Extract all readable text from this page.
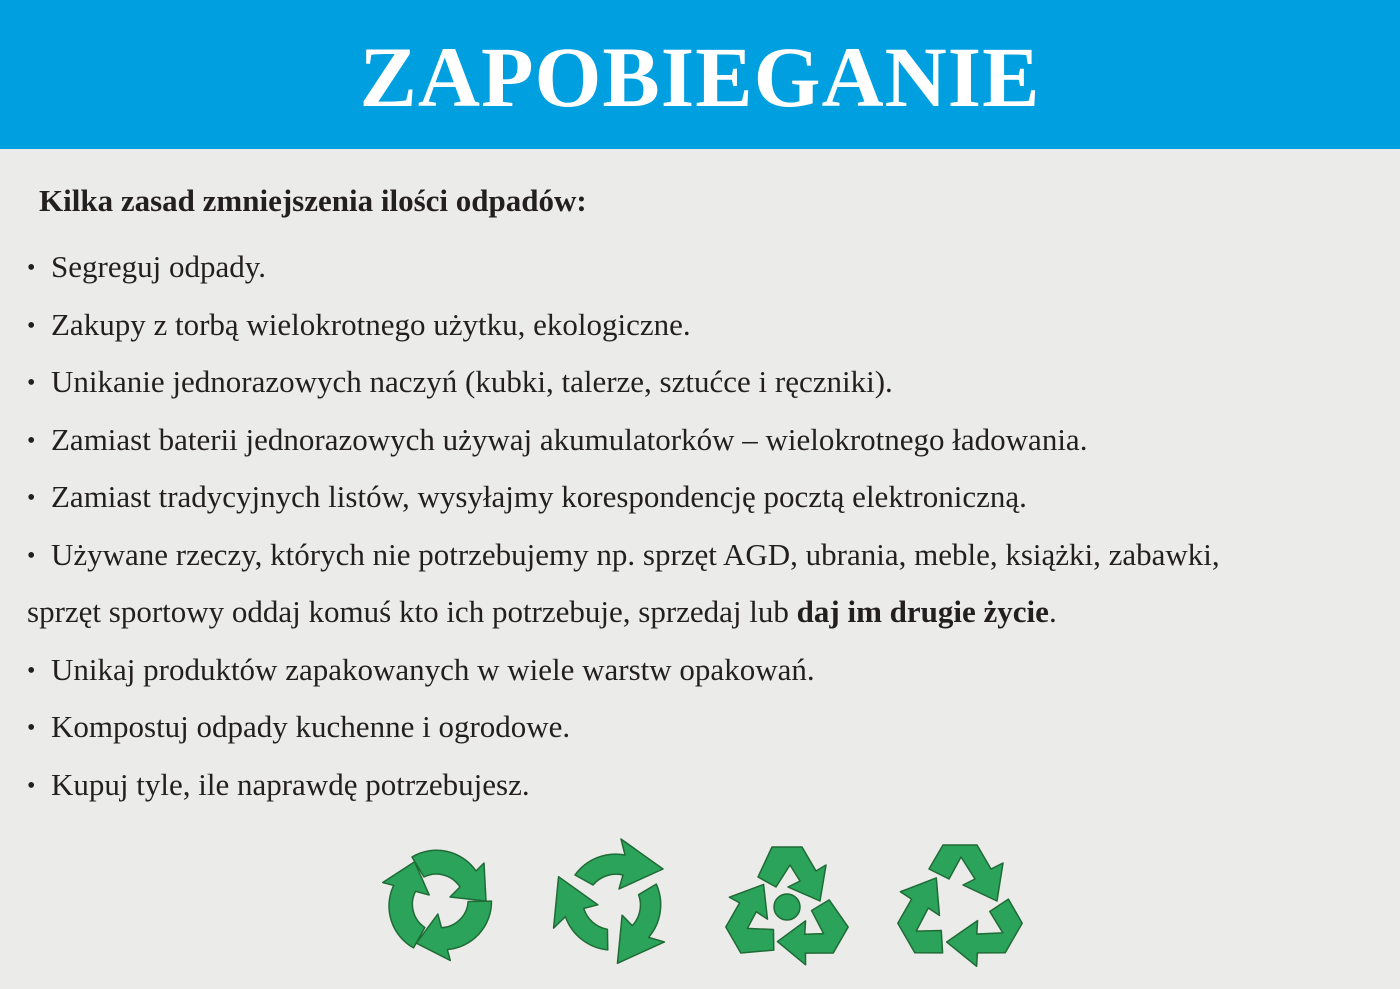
ZAPOBIEGANIE
Kilka zasad zmniejszenia ilości odpadów:
• Segreguj odpady.
• Zakupy z torbą wielokrotnego użytku, ekologiczne.
• Unikanie jednorazowych naczyń (kubki, talerze, sztućce i ręczniki).
• Zamiast baterii jednorazowych używaj akumulatorków – wielokrotnego ładowania.
• Zamiast tradycyjnych listów, wysyłajmy korespondencję pocztą elektroniczną.
• Używane rzeczy, których nie potrzebujemy np. sprzęt AGD, ubrania, meble, książki, zabawki,
sprzęt sportowy oddaj komuś kto ich potrzebuje, sprzedaj lub daj im drugie życie.
• Unikaj produktów zapakowanych w wiele warstw opakowań.
• Kompostuj odpady kuchenne i ogrodowe.
• Kupuj tyle, ile naprawdę potrzebujesz.
